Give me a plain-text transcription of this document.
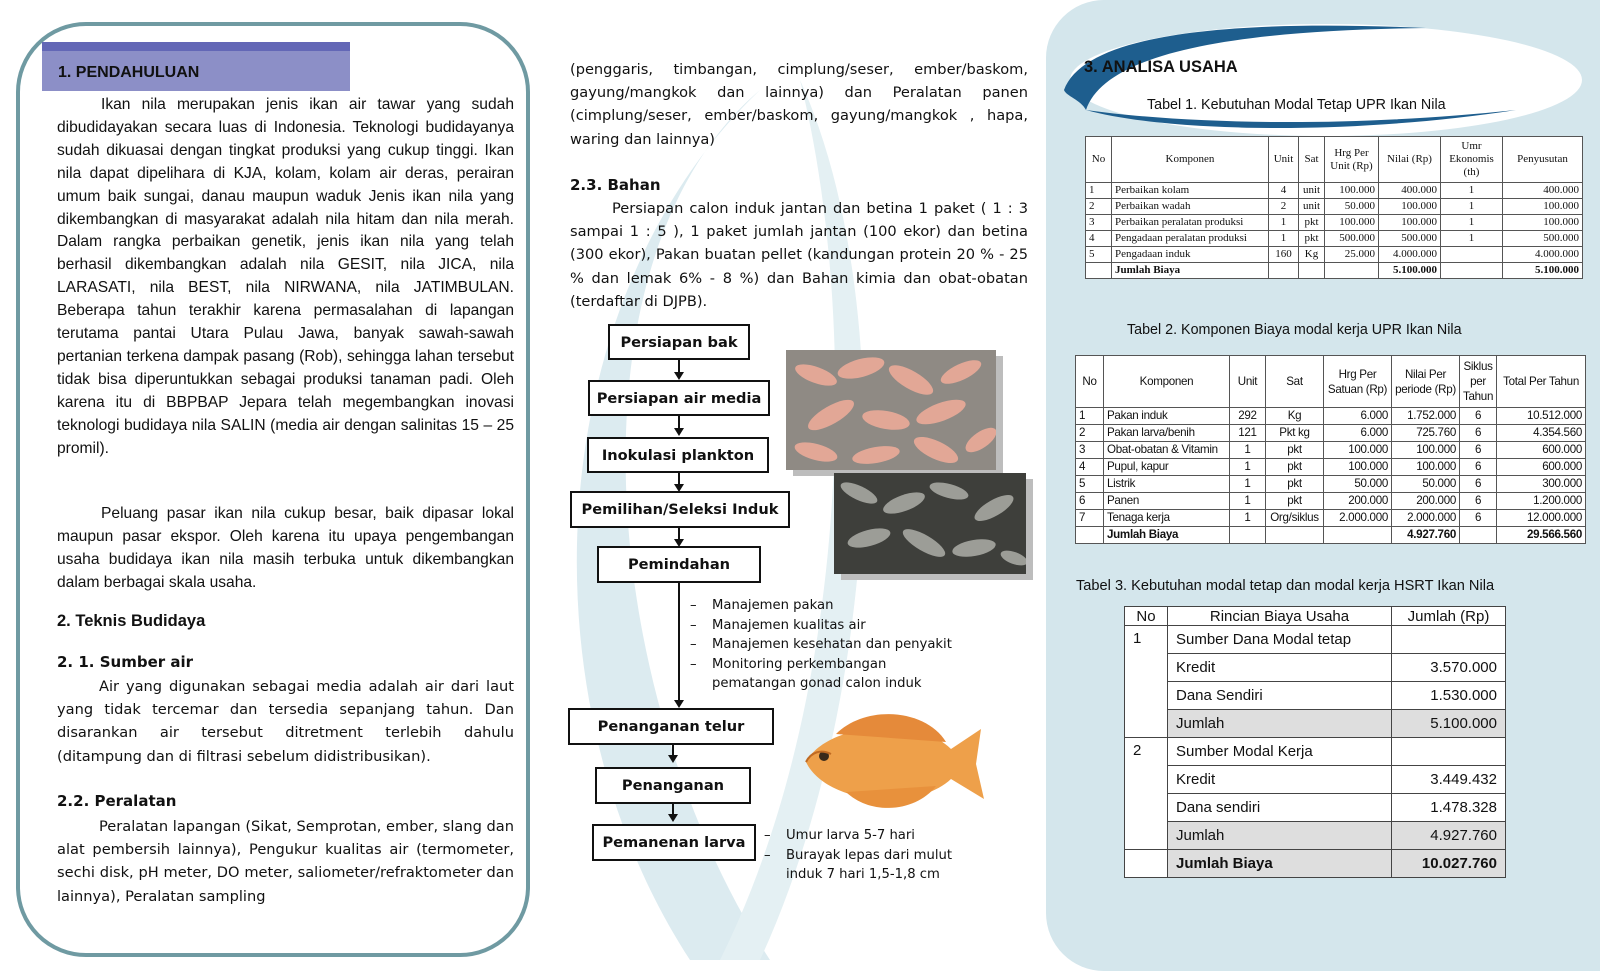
1. PENDAHULUAN

Ikan nila merupakan jenis ikan air tawar yang sudah dibudidayakan secara luas di Indonesia. Teknologi budidayanya sudah dikuasai dengan tingkat produksi yang cukup tinggi. Ikan nila dapat dipelihara di KJA, kolam, kolam air deras, perairan umum baik sungai, danau maupun waduk Jenis ikan nila yang dikembangkan di masyarakat adalah nila hitam dan nila merah. Dalam rangka perbaikan genetik, jenis ikan nila yang telah berhasil dikembangkan adalah nila GESIT, nila JICA, nila LARASATI, nila BEST, nila NIRWANA, nila JATIMBULAN. Beberapa tahun terakhir karena permasalahan di lapangan terutama pantai Utara Pulau Jawa, banyak sawah-sawah pertanian terkena dampak pasang (Rob), sehingga lahan tersebut tidak bisa diperuntukkan sebagai produksi tanaman padi. Oleh karena itu di BBPBAP Jepara telah megembangkan inovasi teknologi budidaya nila SALIN (media air dengan salinitas 15 – 25 promil).

Peluang pasar ikan nila cukup besar, baik dipasar lokal maupun pasar ekspor. Oleh karena itu upaya pengembangan usaha budidaya ikan nila masih terbuka untuk dikembangkan dalam berbagai skala usaha.

2. Teknis Budidaya
2. 1. Sumber air

Air yang digunakan sebagai media adalah air dari laut yang tidak tercemar dan tersedia sepanjang tahun. Dan disarankan air tersebut ditretment terlebih dahulu (ditampung dan di filtrasi sebelum didistribusikan).

2.2. Peralatan

Peralatan lapangan (Sikat, Semprotan, ember, slang dan alat pembersih lainnya), Pengukur kualitas air (termometer, sechi disk, pH meter, DO meter, saliometer/refraktometer dan lainnya), Peralatan sampling

(penggaris, timbangan, cimplung/seser, ember/baskom, gayung/mangkok dan lainnya) dan Peralatan panen (cimplung/seser, ember/baskom, gayung/mangkok , hapa, waring dan lainnya)
2.3. Bahan
Persiapan calon induk jantan dan betina 1 paket ( 1 : 3 sampai 1 : 5 ), 1 paket jumlah jantan (100 ekor) dan betina (300 ekor), Pakan buatan pellet (kandungan protein 20 % - 25 % dan lemak 6% - 8 %) dan Bahan kimia dan obat-obatan (terdaftar di DJPB).
Persiapan bak
Persiapan air media
Inokulasi plankton
Pemilihan/Seleksi Induk
Pemindahan
– Manajemen pakan
– Manajemen kualitas air
– Manajemen kesehatan dan penyakit
– Monitoring perkembangan pematangan gonad calon induk
Penanganan telur
Penanganan
Pemanenan larva – Umur larva 5-7 hari
– Burayak lepas dari mulut induk 7 hari 1,5-1,8 cm
3. ANALISA USAHA
Tabel 1. Kebutuhan Modal Tetap UPR Ikan Nila
No	Komponen	Unit	Sat	Hrg Per Unit (Rp)	Nilai (Rp)	Umr Ekonomis (th)	Penyusutan
1	Perbaikan kolam	4	unit	100.000	400.000	1	400.000
2	Perbaikan wadah	2	unit	50.000	100.000	1	100.000
3	Perbaikan peralatan produksi	1	pkt	100.000	100.000	1	100.000
4	Pengadaan peralatan produksi	1	pkt	500.000	500.000	1	500.000
5	Pengadaan induk	160	Kg	25.000	4.000.000		4.000.000
	Jumlah Biaya				5.100.000		5.100.000
Tabel 2. Komponen Biaya modal kerja UPR Ikan Nila
No	Komponen	Unit	Sat	Hrg Per Satuan (Rp)	Nilai Per periode (Rp)	Siklus per Tahun	Total Per Tahun
1	Pakan induk	292	Kg	6.000	1.752.000	6	10.512.000
2	Pakan larva/benih	121	Pkt kg	6.000	725.760	6	4.354.560
3	Obat-obatan & Vitamin	1	pkt	100.000	100.000	6	600.000
4	Pupul, kapur	1	pkt	100.000	100.000	6	600.000
5	Listrik	1	pkt	50.000	50.000	6	300.000
6	Panen	1	pkt	200.000	200.000	6	1.200.000
7	Tenaga kerja	1	Org/siklus	2.000.000	2.000.000	6	12.000.000
	Jumlah Biaya				4.927.760		29.566.560
Tabel 3. Kebutuhan modal tetap dan modal kerja HSRT Ikan Nila
No	Rincian Biaya Usaha	Jumlah (Rp)
1	Sumber Dana Modal tetap	
	Kredit	3.570.000
	Dana Sendiri	1.530.000
	Jumlah	5.100.000
2	Sumber Modal Kerja	
	Kredit	3.449.432
	Dana sendiri	1.478.328
	Jumlah	4.927.760
	Jumlah Biaya	10.027.760
